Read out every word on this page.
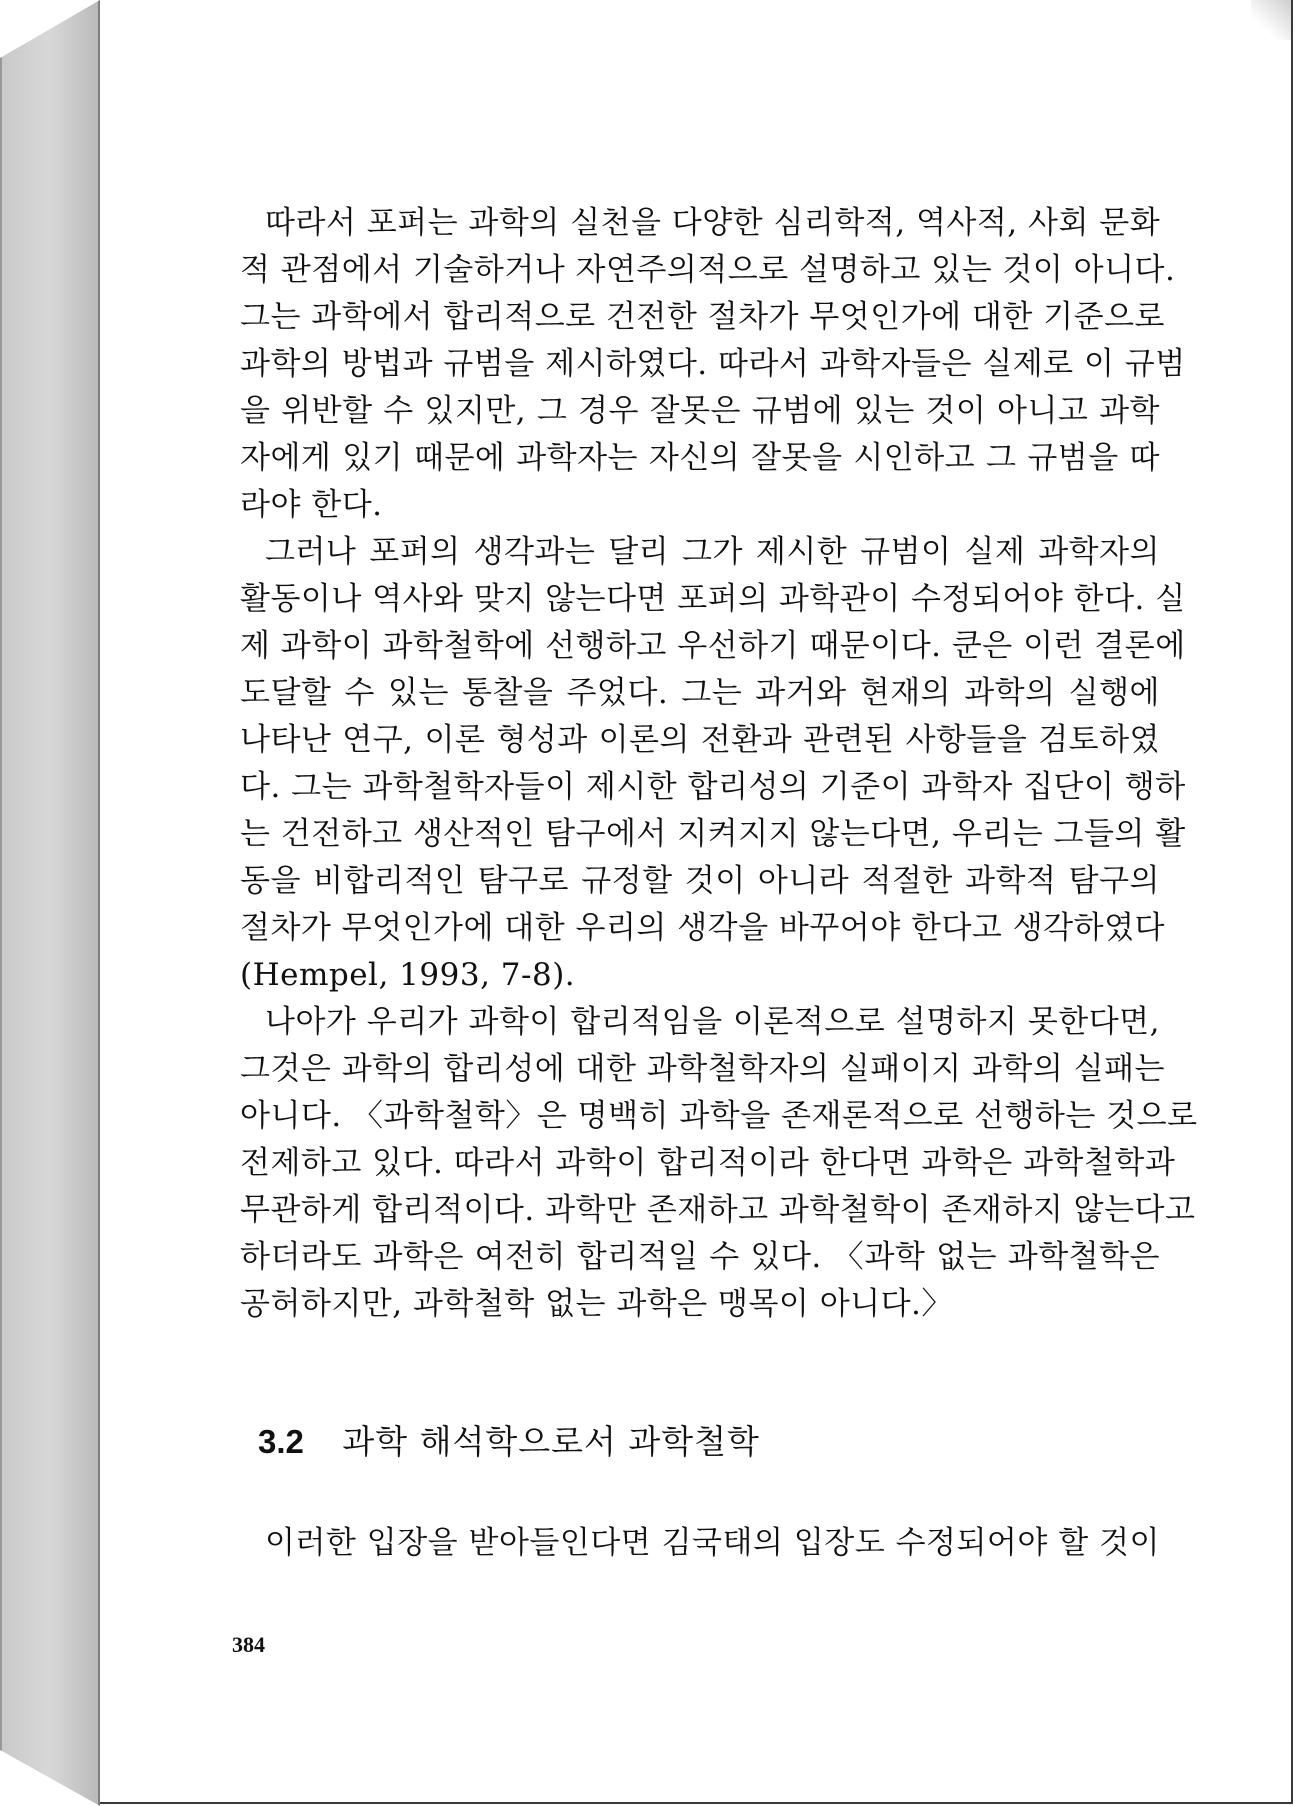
따라서 포퍼는 과학의 실천을 다양한 심리학적, 역사적, 사회 문화
적 관점에서 기술하거나 자연주의적으로 설명하고 있는 것이 아니다.
그는 과학에서 합리적으로 건전한 절차가 무엇인가에 대한 기준으로
과학의 방법과 규범을 제시하였다. 따라서 과학자들은 실제로 이 규범
을 위반할 수 있지만, 그 경우 잘못은 규범에 있는 것이 아니고 과학
자에게 있기 때문에 과학자는 자신의 잘못을 시인하고 그 규범을 따
라야 한다.
그러나 포퍼의 생각과는 달리 그가 제시한 규범이 실제 과학자의
활동이나 역사와 맞지 않는다면 포퍼의 과학관이 수정되어야 한다. 실
제 과학이 과학철학에 선행하고 우선하기 때문이다. 쿤은 이런 결론에
도달할 수 있는 통찰을 주었다. 그는 과거와 현재의 과학의 실행에
나타난 연구, 이론 형성과 이론의 전환과 관련된 사항들을 검토하였
다. 그는 과학철학자들이 제시한 합리성의 기준이 과학자 집단이 행하
는 건전하고 생산적인 탐구에서 지켜지지 않는다면, 우리는 그들의 활
동을 비합리적인 탐구로 규정할 것이 아니라 적절한 과학적 탐구의
절차가 무엇인가에 대한 우리의 생각을 바꾸어야 한다고 생각하였다
(Hempel, 1993, 7-8).
나아가 우리가 과학이 합리적임을 이론적으로 설명하지 못한다면,
그것은 과학의 합리성에 대한 과학철학자의 실패이지 과학의 실패는
아니다. 〈과학철학〉은 명백히 과학을 존재론적으로 선행하는 것으로
전제하고 있다. 따라서 과학이 합리적이라 한다면 과학은 과학철학과
무관하게 합리적이다. 과학만 존재하고 과학철학이 존재하지 않는다고
하더라도 과학은 여전히 합리적일 수 있다. 〈과학 없는 과학철학은
공허하지만, 과학철학 없는 과학은 맹목이 아니다.〉
3.2 과학 해석학으로서 과학철학
이러한 입장을 받아들인다면 김국태의 입장도 수정되어야 할 것이
384
